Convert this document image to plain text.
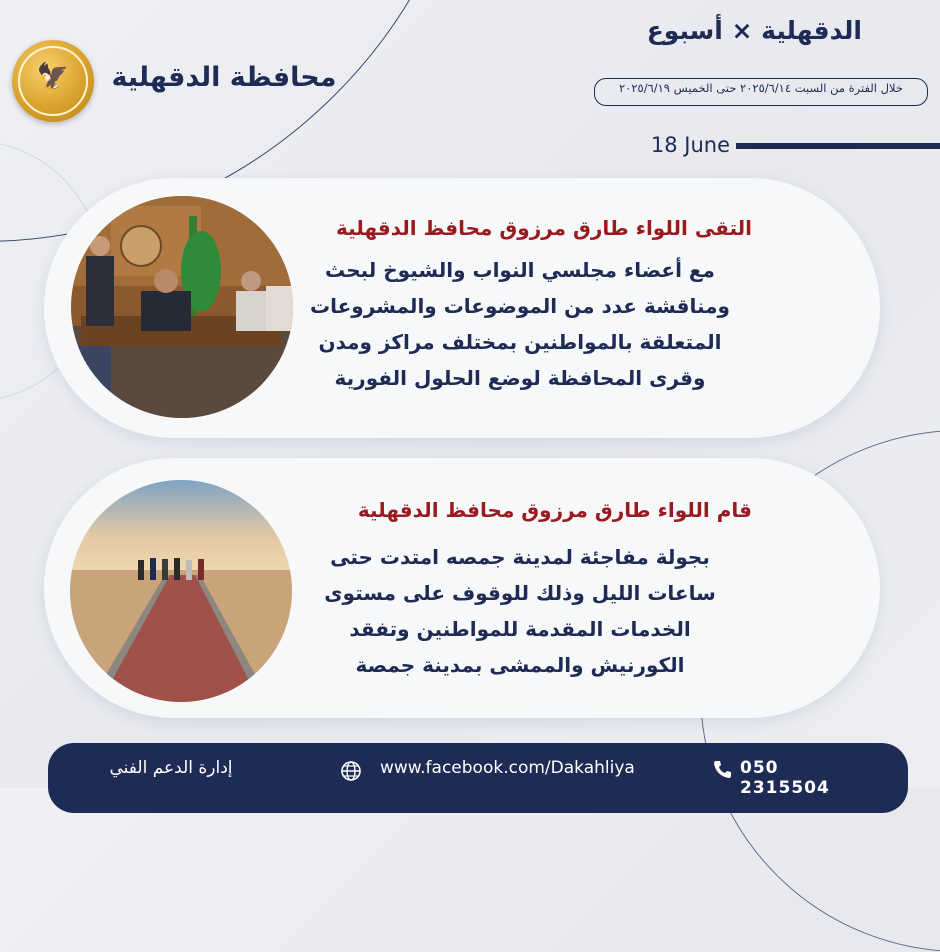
🦅	محافظة الدقهلية
الدقهلية × أسبوع
خلال الفترة من السبت ٢٠٢٥/٦/١٤ حتى الخميس ٢٠٢٥/٦/١٩
18 June
التقى اللواء طارق مرزوق محافظ الدقهلية
مع أعضاء مجلسي النواب والشيوخ لبحث
ومناقشة عدد من الموضوعات والمشروعات
المتعلقة بالمواطنين بمختلف مراكز ومدن
وقرى المحافظة لوضع الحلول الفورية
قام اللواء طارق مرزوق محافظ الدقهلية
بجولة مفاجئة لمدينة جمصه امتدت حتى
ساعات الليل وذلك للوقوف على مستوى
الخدمات المقدمة للمواطنين وتفقد
الكورنيش والممشى بمدينة جمصة
050 2315504
www.facebook.com/Dakahliya
إدارة الدعم الفني
